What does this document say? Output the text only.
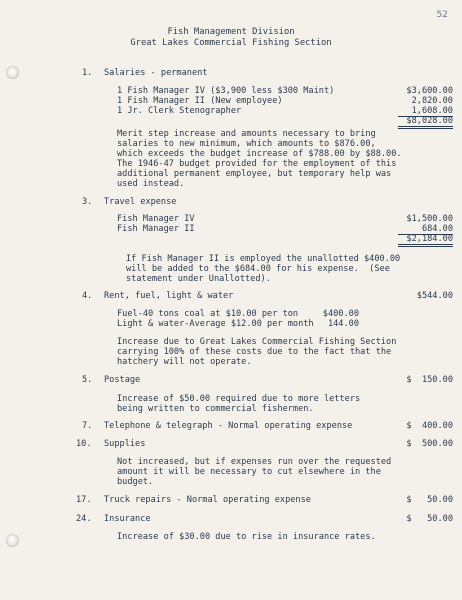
52
Fish Management Division
Great Lakes Commercial Fishing Section
1. Salaries - permanent
1 Fish Manager IV ($3,900 less $300 Maint)	$3,600.00
1 Fish Manager II (New employee)	2,820.00
1 Jr. Clerk Stenographer	1,608.00
$8,028.00
Merit step increase and amounts necessary to bring
salaries to new minimum, which amounts to $876.00,
which exceeds the budget increase of $788.00 by $88.00.
The 1946-47 budget provided for the employment of this
additional permanent employee, but temporary help was
used instead.
3. Travel expense
Fish Manager IV	$1,500.00
Fish Manager II	684.00
$2,184.00
If Fish Manager II is employed the unallotted $400.00
will be added to the $684.00 for his expense.  (See
statement under Unallotted).
4. Rent, fuel, light & water	$544.00
Fuel-40 tons coal at $10.00 per ton	$400.00
Light & water-Average $12.00 per month	144.00
Increase due to Great Lakes Commercial Fishing Section
carrying 100% of these costs due to the fact that the
hatchery will not operate.
5. Postage	$  150.00
Increase of $50.00 required due to more letters
being written to commercial fishermen.
7. Telephone & telegraph - Normal operating expense	$  400.00
10. Supplies	$  500.00
Not increased, but if expenses run over the requested
amount it will be necessary to cut elsewhere in the
budget.
17. Truck repairs - Normal operating expense	$   50.00
24. Insurance	$   50.00
Increase of $30.00 due to rise in insurance rates.
